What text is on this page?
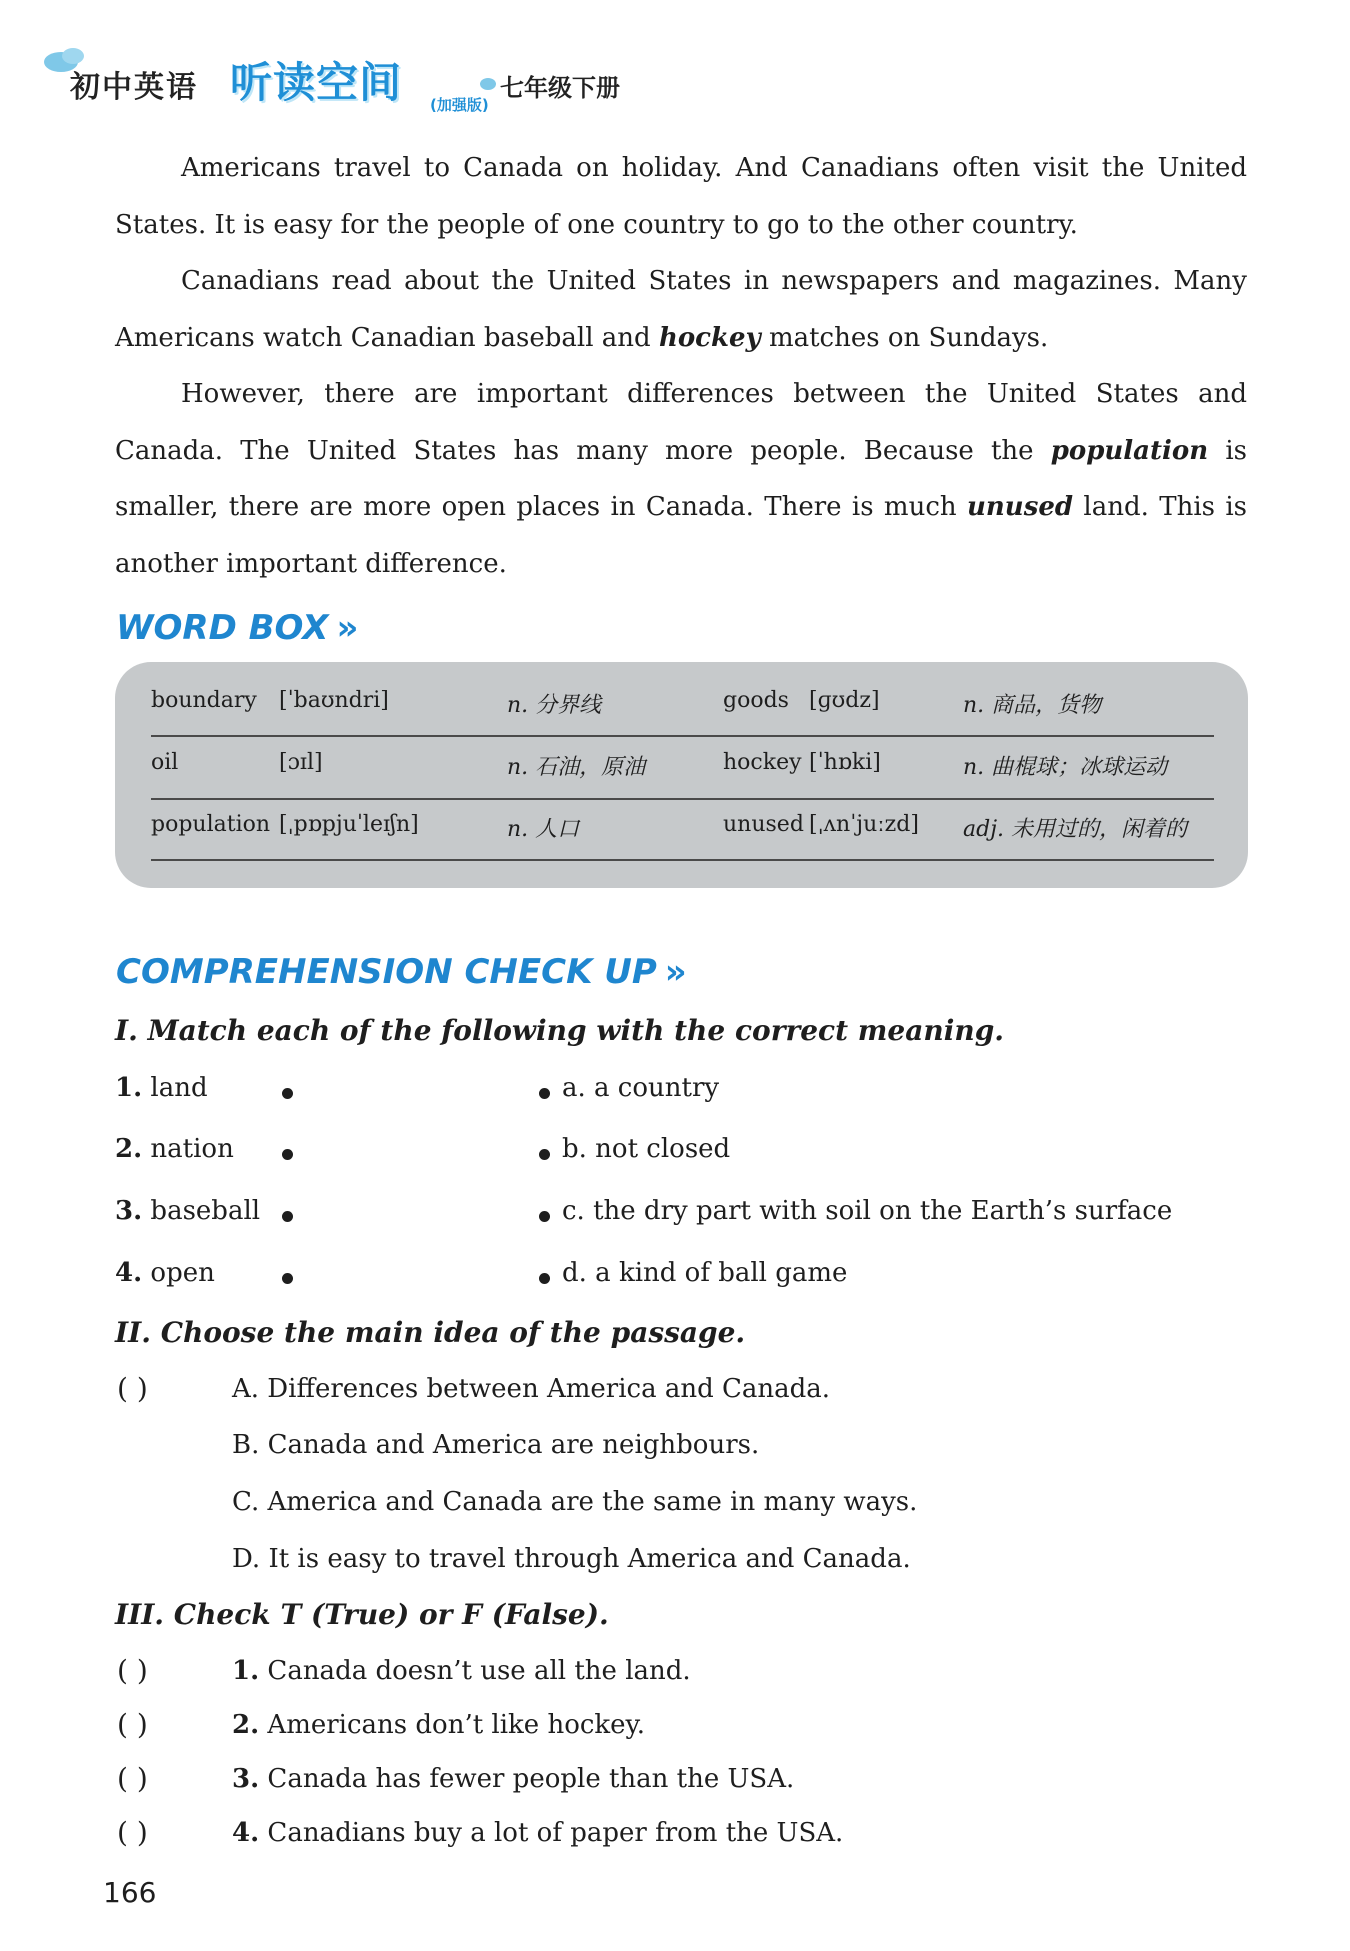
初中英语 听读空间 (加强版)
七年级下册

Americans travel to Canada on holiday. And Canadians often visit the United States. It is easy for the people of one country to go to the other country.

Canadians read about the United States in newspapers and magazines. Many Americans watch Canadian baseball and hockey matches on Sundays.

However, there are important differences between the United States and Canada. The United States has many more people. Because the population is smaller, there are more open places in Canada. There is much unused land. This is another important difference.

WORD BOX »
boundary [ˈbaʊndri]	n. 分界线	goods [ɡʊdz]	n. 商品，货物
oil	[ɔɪl]	n. 石油，原油	hockey [ˈhɒki]	n. 曲棍球；冰球运动
population [ˌpɒpjuˈleɪʃn]	n. 人口	unused [ˌʌnˈjuːzd] adj. 未用过的，闲着的
COMPREHENSION CHECK UP »
I. Match each of the following with the correct meaning.
1. land
2. nation
3. baseball
4. open
a. a country
b. not closed
c. the dry part with soil on the Earth’s surface
d. a kind of ball game
II. Choose the main idea of the passage.
( )	A. Differences between America and Canada.
B. Canada and America are neighbours.
C. America and Canada are the same in many ways.
D. It is easy to travel through America and Canada.
III. Check T (True) or F (False).
( )	1. Canada doesn’t use all the land.
( )	2. Americans don’t like hockey.
( )	3. Canada has fewer people than the USA.
( )	4. Canadians buy a lot of paper from the USA.
166
